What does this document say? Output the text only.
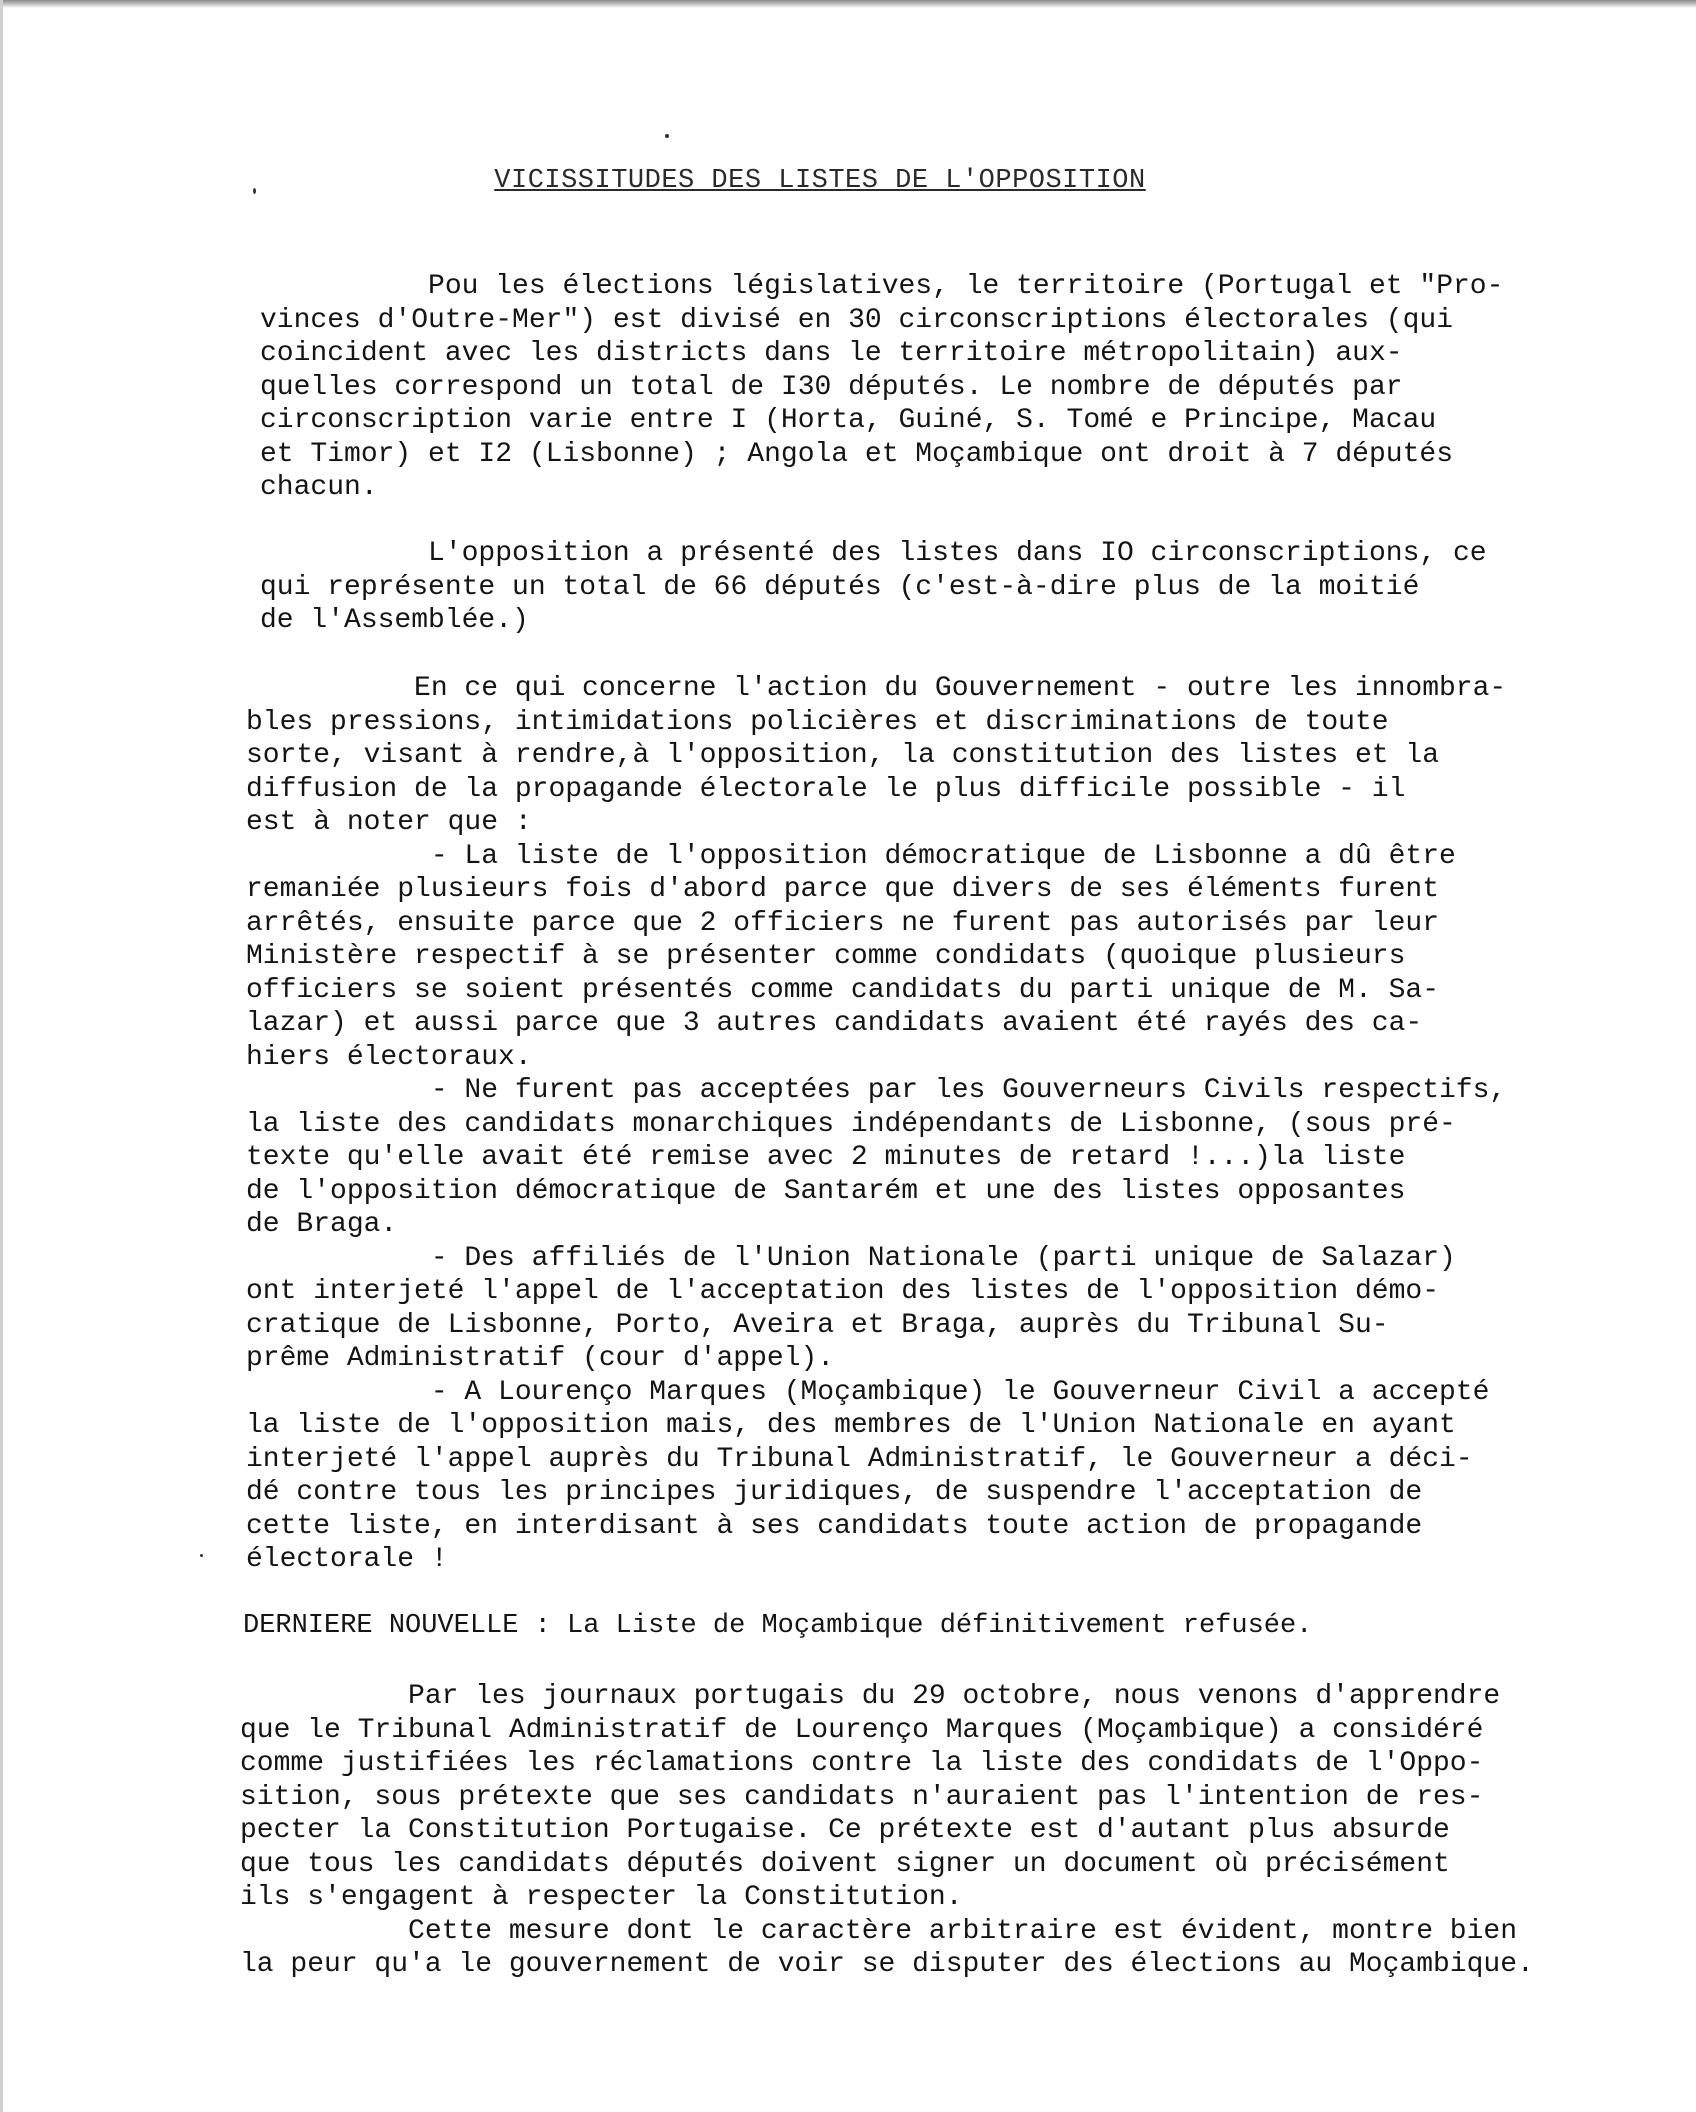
VICISSITUDES DES LISTES DE L'OPPOSITION

Pou les élections législatives, le territoire (Portugal et "Pro-
vinces d'Outre-Mer") est divisé en 30 circonscriptions électorales (qui
coincident avec les districts dans le territoire métropolitain) aux-
quelles correspond un total de I30 députés. Le nombre de députés par
circonscription varie entre I (Horta, Guiné, S. Tomé e Principe, Macau
et Timor) et I2 (Lisbonne) ; Angola et Moçambique ont droit à 7 députés
chacun.

L'opposition a présenté des listes dans IO circonscriptions, ce
qui représente un total de 66 députés (c'est-à-dire plus de la moitié
de l'Assemblée.)

En ce qui concerne l'action du Gouvernement - outre les innombra-
bles pressions, intimidations policières et discriminations de toute
sorte, visant à rendre,à l'opposition, la constitution des listes et la
diffusion de la propagande électorale le plus difficile possible - il
est à noter que :
- La liste de l'opposition démocratique de Lisbonne a dû être
remaniée plusieurs fois d'abord parce que divers de ses éléments furent
arrêtés, ensuite parce que 2 officiers ne furent pas autorisés par leur
Ministère respectif à se présenter comme condidats (quoique plusieurs
officiers se soient présentés comme candidats du parti unique de M. Sa-
lazar) et aussi parce que 3 autres candidats avaient été rayés des ca-
hiers électoraux.
- Ne furent pas acceptées par les Gouverneurs Civils respectifs,
la liste des candidats monarchiques indépendants de Lisbonne, (sous pré-
texte qu'elle avait été remise avec 2 minutes de retard !...)la liste
de l'opposition démocratique de Santarém et une des listes opposantes
de Braga.
- Des affiliés de l'Union Nationale (parti unique de Salazar)
ont interjeté l'appel de l'acceptation des listes de l'opposition démo-
cratique de Lisbonne, Porto, Aveira et Braga, auprès du Tribunal Su-
prême Administratif (cour d'appel).
- A Lourenço Marques (Moçambique) le Gouverneur Civil a accepté
la liste de l'opposition mais, des membres de l'Union Nationale en ayant
interjeté l'appel auprès du Tribunal Administratif, le Gouverneur a déci-
dé contre tous les principes juridiques, de suspendre l'acceptation de
cette liste, en interdisant à ses candidats toute action de propagande
électorale !

DERNIERE NOUVELLE : La Liste de Moçambique définitivement refusée.

Par les journaux portugais du 29 octobre, nous venons d'apprendre
que le Tribunal Administratif de Lourenço Marques (Moçambique) a considéré
comme justifiées les réclamations contre la liste des condidats de l'Oppo-
sition, sous prétexte que ses candidats n'auraient pas l'intention de res-
pecter la Constitution Portugaise. Ce prétexte est d'autant plus absurde
que tous les candidats députés doivent signer un document où précisément
ils s'engagent à respecter la Constitution.
Cette mesure dont le caractère arbitraire est évident, montre bien
la peur qu'a le gouvernement de voir se disputer des élections au Moçambique.
